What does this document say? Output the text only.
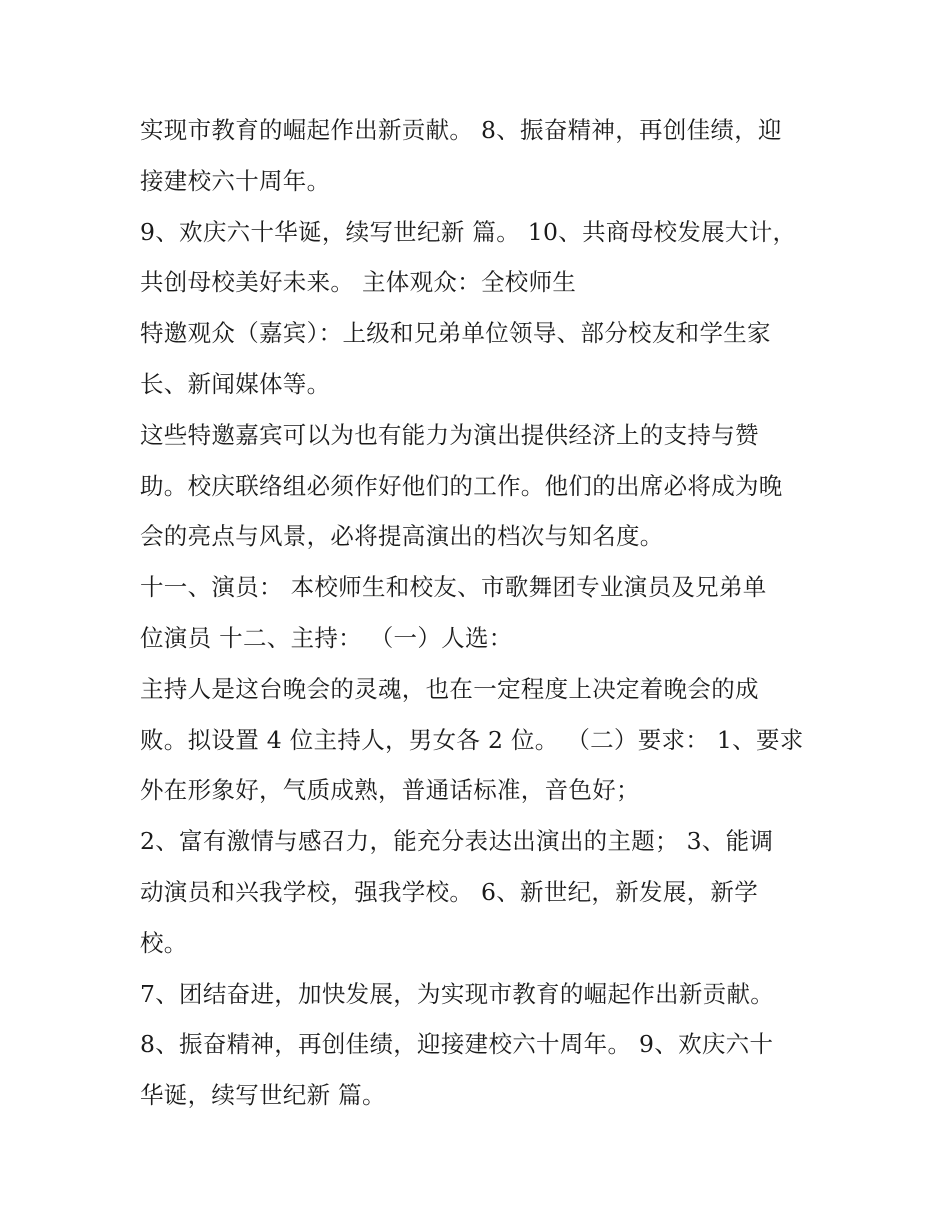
实现市教育的崛起作出新贡献。 8、振奋精神，再创佳绩，迎
接建校六十周年。
9、欢庆六十华诞，续写世纪新 篇。 10、共商母校发展大计，
共创母校美好未来。 主体观众：全校师生
特邀观众（嘉宾）：上级和兄弟单位领导、部分校友和学生家
长、新闻媒体等。
这些特邀嘉宾可以为也有能力为演出提供经济上的支持与赞
助。校庆联络组必须作好他们的工作。他们的出席必将成为晚
会的亮点与风景，必将提高演出的档次与知名度。
十一、演员： 本校师生和校友、市歌舞团专业演员及兄弟单
位演员 十二、主持： （一）人选：
主持人是这台晚会的灵魂，也在一定程度上决定着晚会的成
败。拟设置 4 位主持人，男女各 2 位。 （二）要求： 1、要求
外在形象好，气质成熟，普通话标准，音色好；
2、富有激情与感召力，能充分表达出演出的主题； 3、能调
动演员和兴我学校，强我学校。 6、新世纪，新发展，新学
校。
7、团结奋进，加快发展，为实现市教育的崛起作出新贡献。
8、振奋精神，再创佳绩，迎接建校六十周年。 9、欢庆六十
华诞，续写世纪新 篇。
